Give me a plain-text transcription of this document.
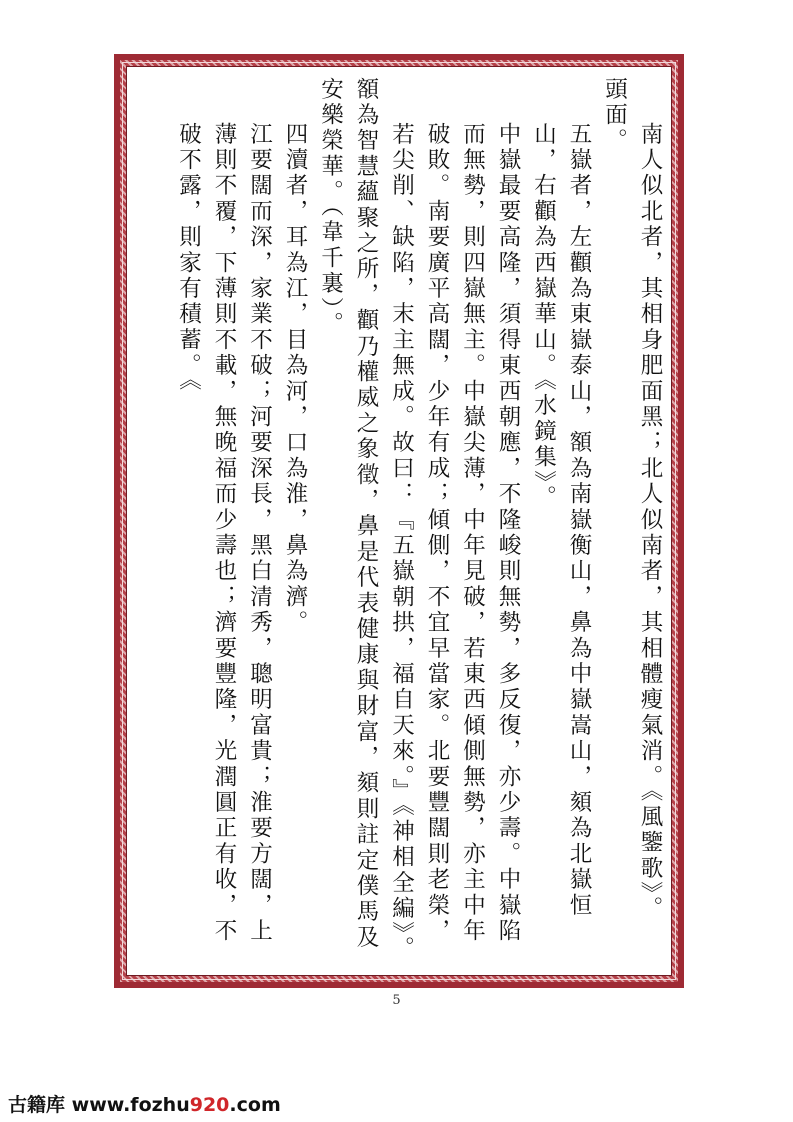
南人似北者，其相身肥面黑；北人似南者，其相體瘦氣消。《風鑒歌》。

頭面。

五嶽者，左顴為東嶽泰山，額為南嶽衡山，鼻為中嶽嵩山，頦為北嶽恒山，右顴為西嶽華山。《水鏡集》。

中嶽最要高隆，須得東西朝應，不隆峻則無勢，多反復，亦少壽。中嶽陷而無勢，則四嶽無主。中嶽尖薄，中年見破，若東西傾側無勢，亦主中年破敗。南要廣平高闊，少年有成；傾側，不宜早當家。北要豐闊則老榮，若尖削、缺陷，末主無成。故曰：『五嶽朝拱，福自天來。』《神相全編》。

額為智慧蘊聚之所，顴乃權威之象徵，鼻是代表健康與財富，頦則註定僕馬及安樂榮華。（韋千裏）。

四瀆者，耳為江，目為河，口為淮，鼻為濟。

江要闊而深，家業不破；河要深長，黑白清秀，聰明富貴；淮要方闊，上薄則不覆，下薄則不載，無晚福而少壽也；濟要豐隆，光潤圓正有收，不破不露，則家有積蓄。《

5
古籍库 www.fozhu920.com
